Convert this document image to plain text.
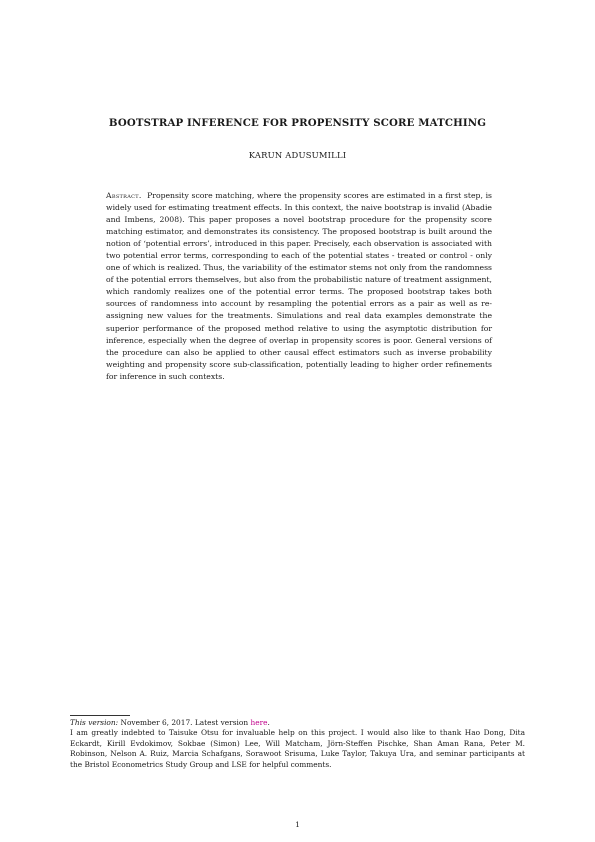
BOOTSTRAP INFERENCE FOR PROPENSITY SCORE MATCHING
KARUN ADUSUMILLI

Abstract. Propensity score matching, where the propensity scores are estimated in a first step, is widely used for estimating treatment effects. In this context, the naive bootstrap is invalid (Abadie and Imbens, 2008). This paper proposes a novel bootstrap procedure for the propensity score matching estimator, and demonstrates its consistency. The proposed bootstrap is built around the notion of ‘potential errors’, introduced in this paper. Precisely, each observation is associated with two potential error terms, corresponding to each of the potential states - treated or control - only one of which is realized. Thus, the variability of the estimator stems not only from the randomness of the potential errors themselves, but also from the probabilistic nature of treatment assignment, which randomly realizes one of the potential error terms. The proposed bootstrap takes both sources of randomness into account by resampling the potential errors as a pair as well as re-assigning new values for the treatments. Simulations and real data examples demonstrate the superior performance of the proposed method relative to using the asymptotic distribution for inference, especially when the degree of overlap in propensity scores is poor. General versions of the procedure can also be applied to other causal effect estimators such as inverse probability weighting and propensity score sub-classification, potentially leading to higher order refinements for inference in such contexts.

This version: November 6, 2017. Latest version here.
I am greatly indebted to Taisuke Otsu for invaluable help on this project. I would also like to thank Hao Dong, Dita Eckardt, Kirill Evdokimov, Sokbae (Simon) Lee, Will Matcham, Jörn-Steffen Pischke, Shan Aman Rana, Peter M. Robinson, Nelson A. Ruiz, Marcia Schafgans, Sorawoot Srisuma, Luke Taylor, Takuya Ura, and seminar participants at the Bristol Econometrics Study Group and LSE for helpful comments.

1
